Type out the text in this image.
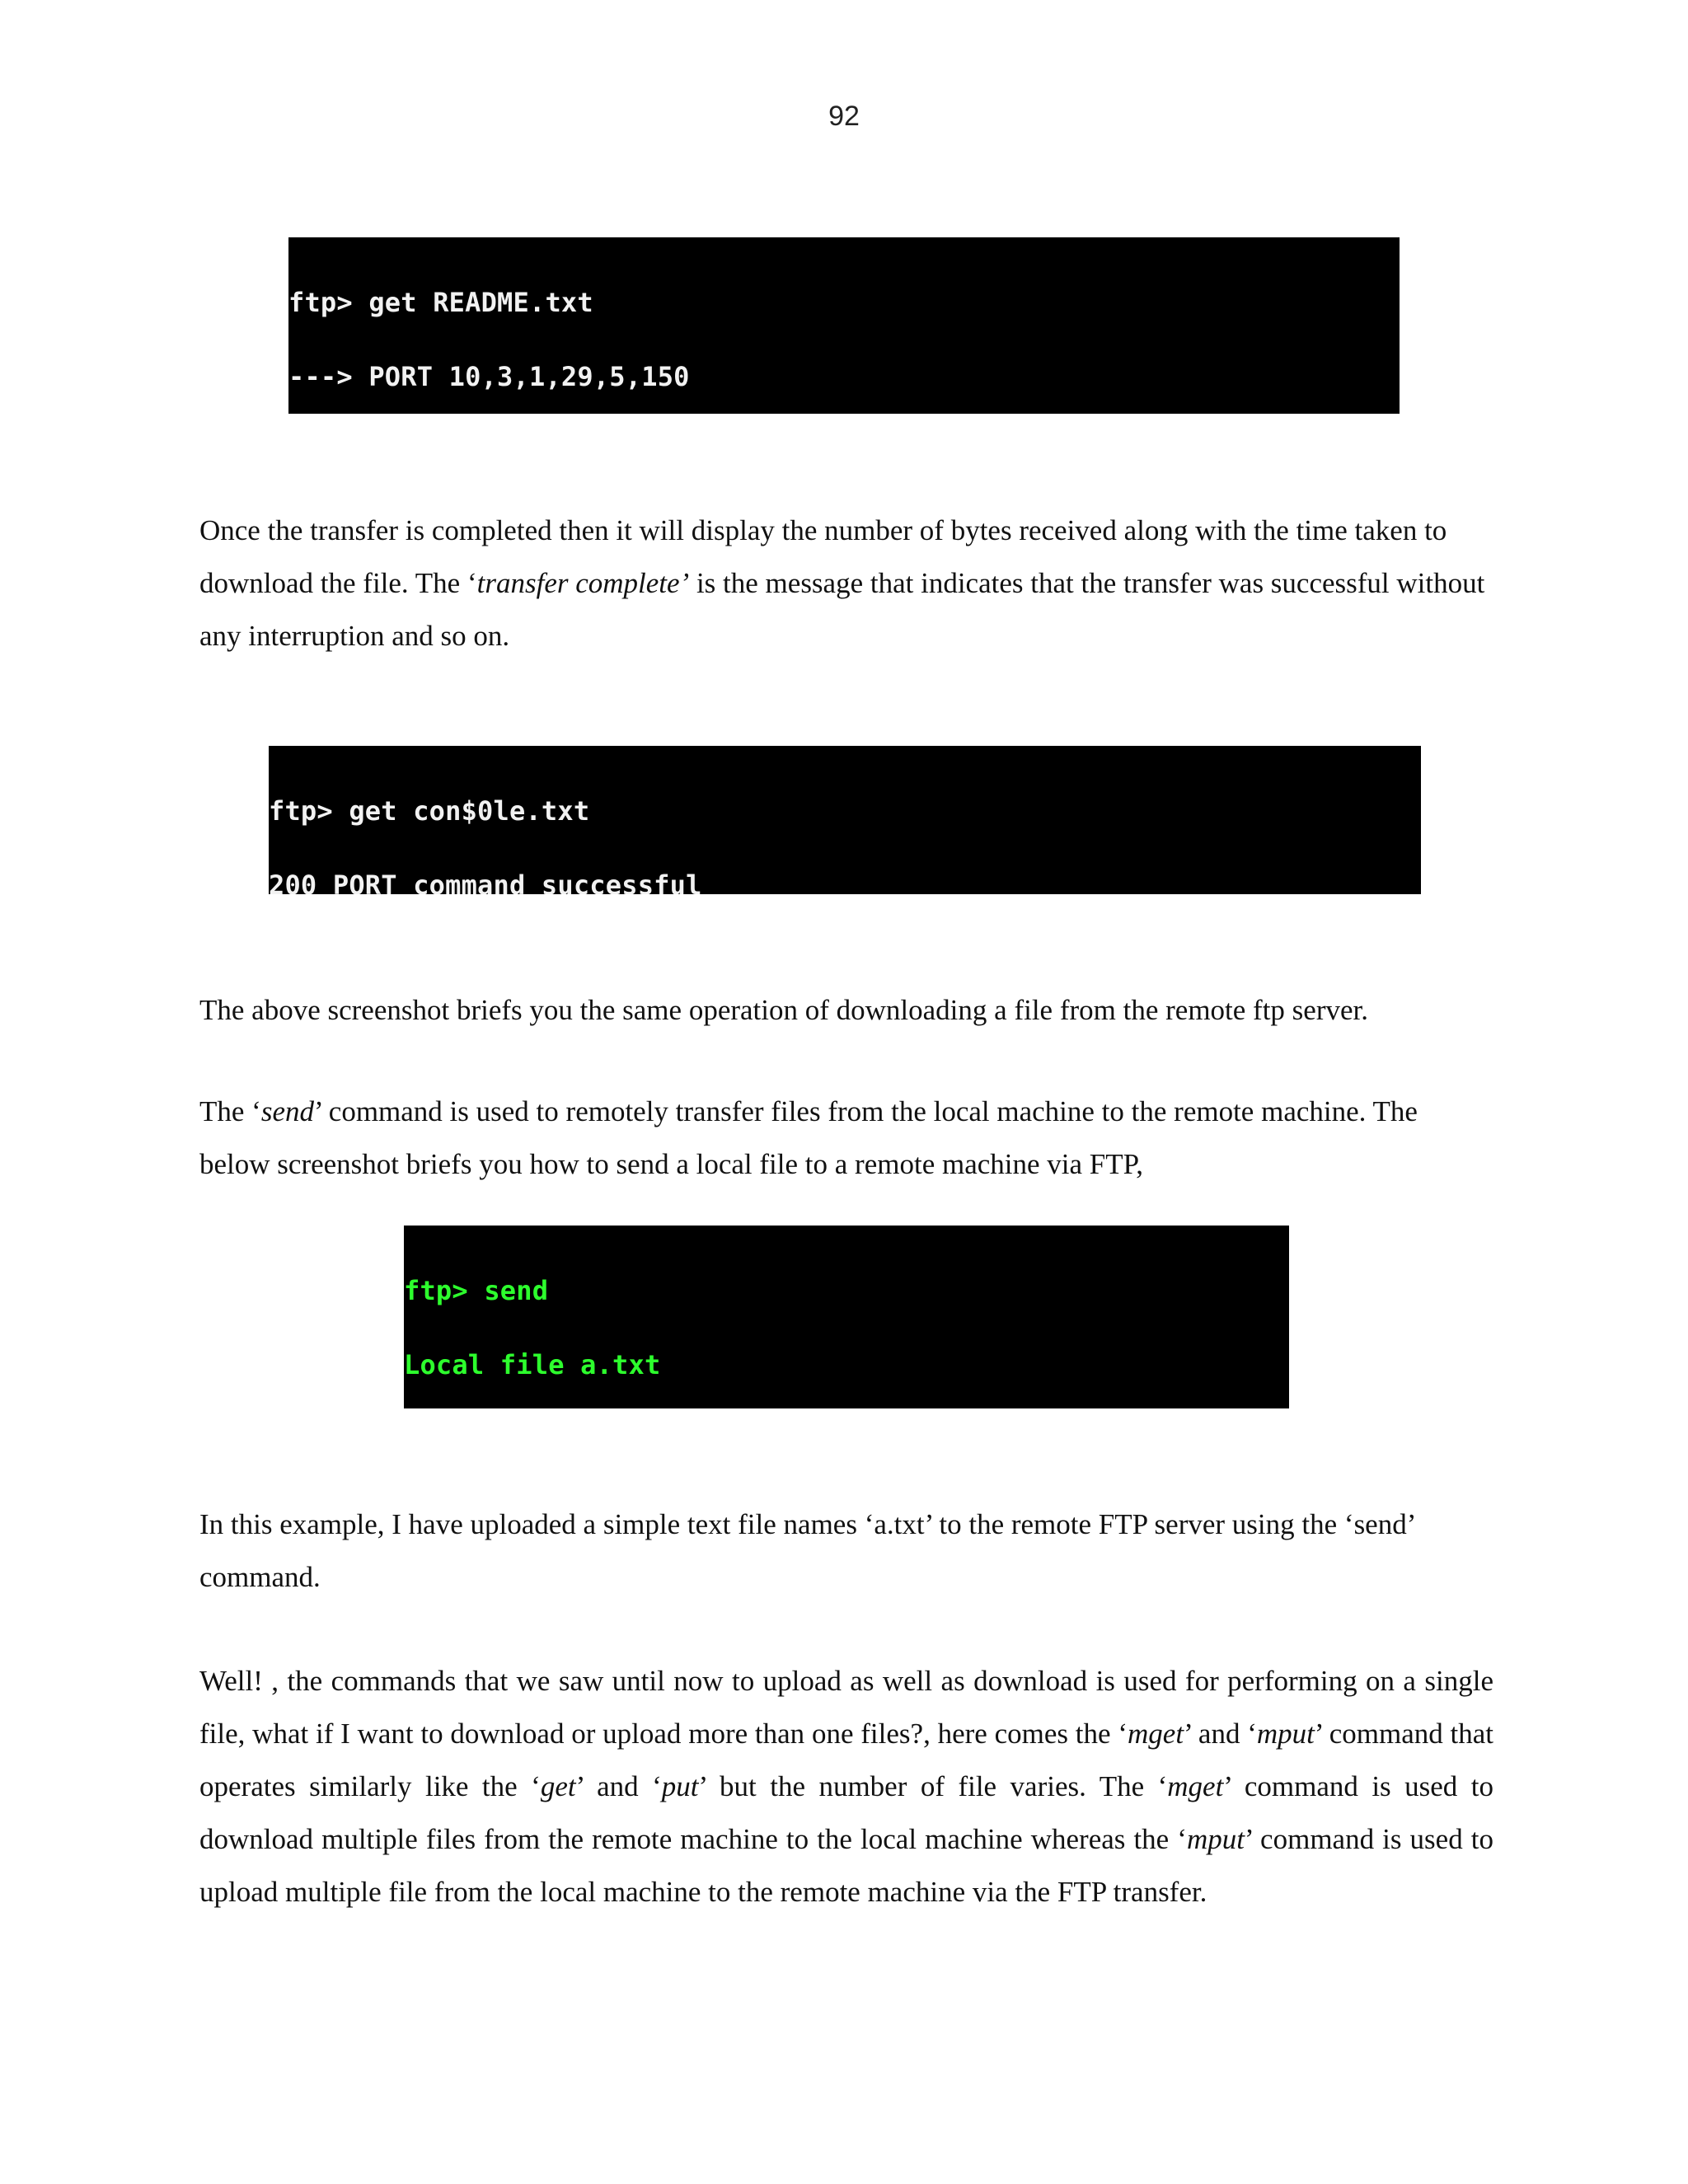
92

ftp> get README.txt

---> PORT 10,3,1,29,5,150

Once the transfer is completed then it will display the number of bytes received along with the time taken to download the file. The ‘transfer complete’ is the message that indicates that the transfer was successful without any interruption and so on.

ftp> get con$0le.txt

200 PORT command successful

The above screenshot briefs you the same operation of downloading a file from the remote ftp server.

The ‘send’ command is used to remotely transfer files from the local machine to the remote machine. The below screenshot briefs you how to send a local file to a remote machine via FTP,

ftp> send

Local file a.txt

In this example, I have uploaded a simple text file names ‘a.txt’ to the remote FTP server using the ‘send’ command.

Well! , the commands that we saw until now to upload as well as download is used for performing on a single file, what if I want to download or upload more than one files?, here comes the ‘mget’ and ‘mput’ command that operates similarly like the ‘get’ and ‘put’ but the number of file varies. The ‘mget’ command is used to download multiple files from the remote machine to the local machine whereas the ‘mput’ command is used to upload multiple file from the local machine to the remote machine via the FTP transfer.
